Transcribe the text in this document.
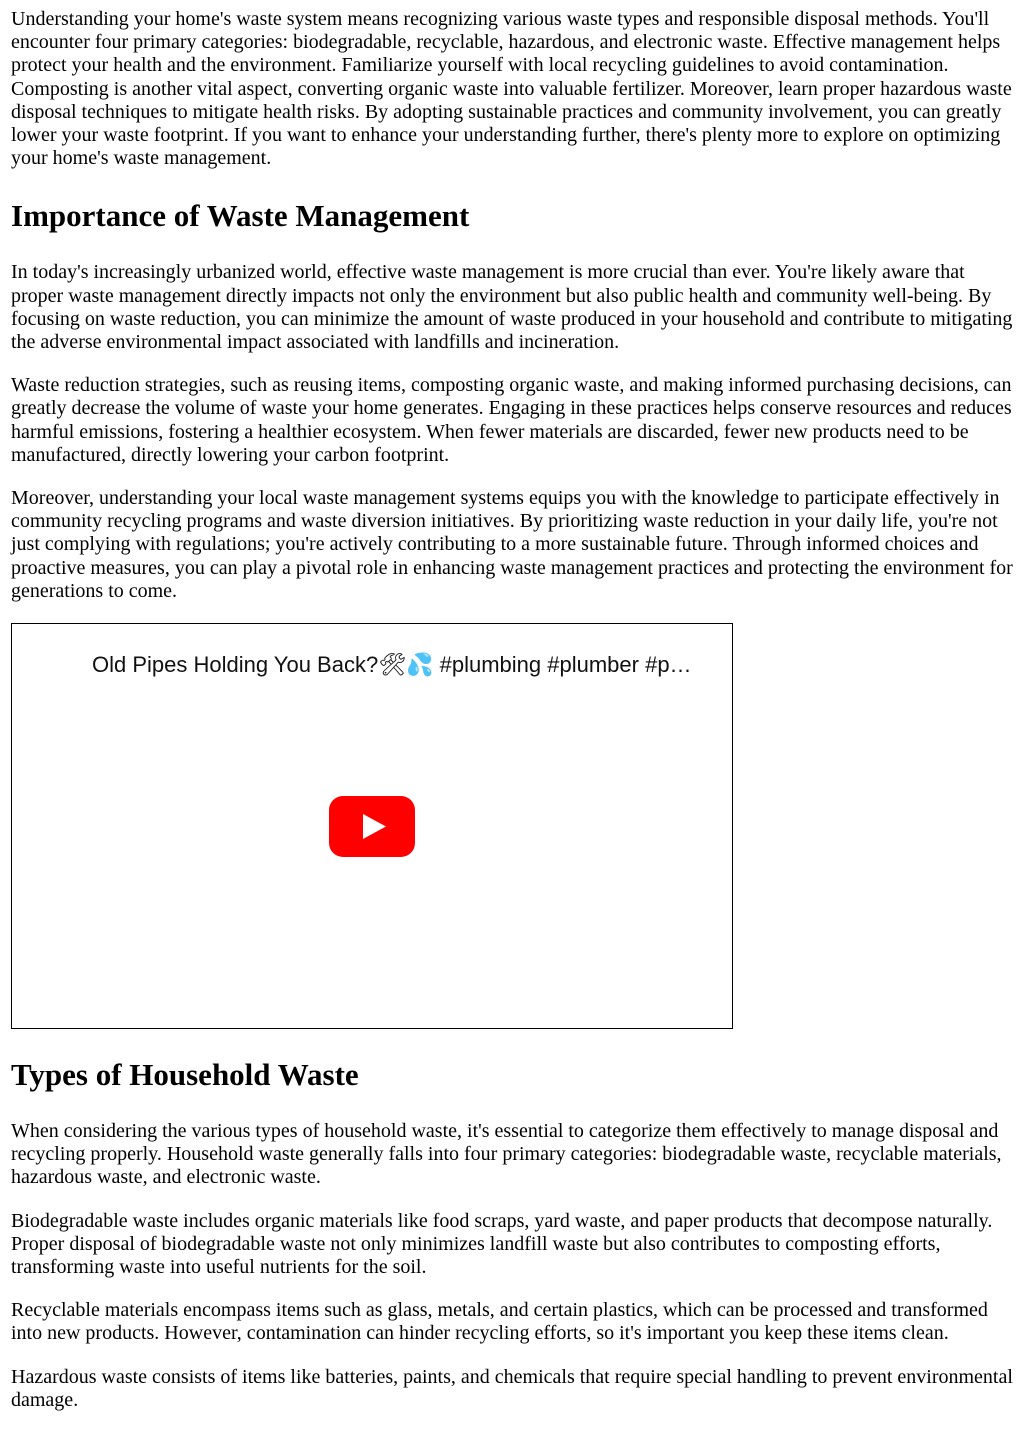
Understanding your home's waste system means recognizing various waste types and responsible disposal methods. You'll encounter four primary categories: biodegradable, recyclable, hazardous, and electronic waste. Effective management helps protect your health and the environment. Familiarize yourself with local recycling guidelines to avoid contamination. Composting is another vital aspect, converting organic waste into valuable fertilizer. Moreover, learn proper hazardous waste disposal techniques to mitigate health risks. By adopting sustainable practices and community involvement, you can greatly lower your waste footprint. If you want to enhance your understanding further, there's plenty more to explore on optimizing your home's waste management.

Importance of Waste Management

In today's increasingly urbanized world, effective waste management is more crucial than ever. You're likely aware that proper waste management directly impacts not only the environment but also public health and community well-being. By focusing on waste reduction, you can minimize the amount of waste produced in your household and contribute to mitigating the adverse environmental impact associated with landfills and incineration.

Waste reduction strategies, such as reusing items, composting organic waste, and making informed purchasing decisions, can greatly decrease the volume of waste your home generates. Engaging in these practices helps conserve resources and reduces harmful emissions, fostering a healthier ecosystem. When fewer materials are discarded, fewer new products need to be manufactured, directly lowering your carbon footprint.

Moreover, understanding your local waste management systems equips you with the knowledge to participate effectively in community recycling programs and waste diversion initiatives. By prioritizing waste reduction in your daily life, you're not just complying with regulations; you're actively contributing to a more sustainable future. Through informed choices and proactive measures, you can play a pivotal role in enhancing waste management practices and protecting the environment for generations to come.

Old Pipes Holding You Back?🛠💦 #plumbing #plumber #p…
Types of Household Waste

When considering the various types of household waste, it's essential to categorize them effectively to manage disposal and recycling properly. Household waste generally falls into four primary categories: biodegradable waste, recyclable materials, hazardous waste, and electronic waste.

Biodegradable waste includes organic materials like food scraps, yard waste, and paper products that decompose naturally. Proper disposal of biodegradable waste not only minimizes landfill waste but also contributes to composting efforts, transforming waste into useful nutrients for the soil.

Recyclable materials encompass items such as glass, metals, and certain plastics, which can be processed and transformed into new products. However, contamination can hinder recycling efforts, so it's important you keep these items clean.

Hazardous waste consists of items like batteries, paints, and chemicals that require special handling to prevent environmental damage.
